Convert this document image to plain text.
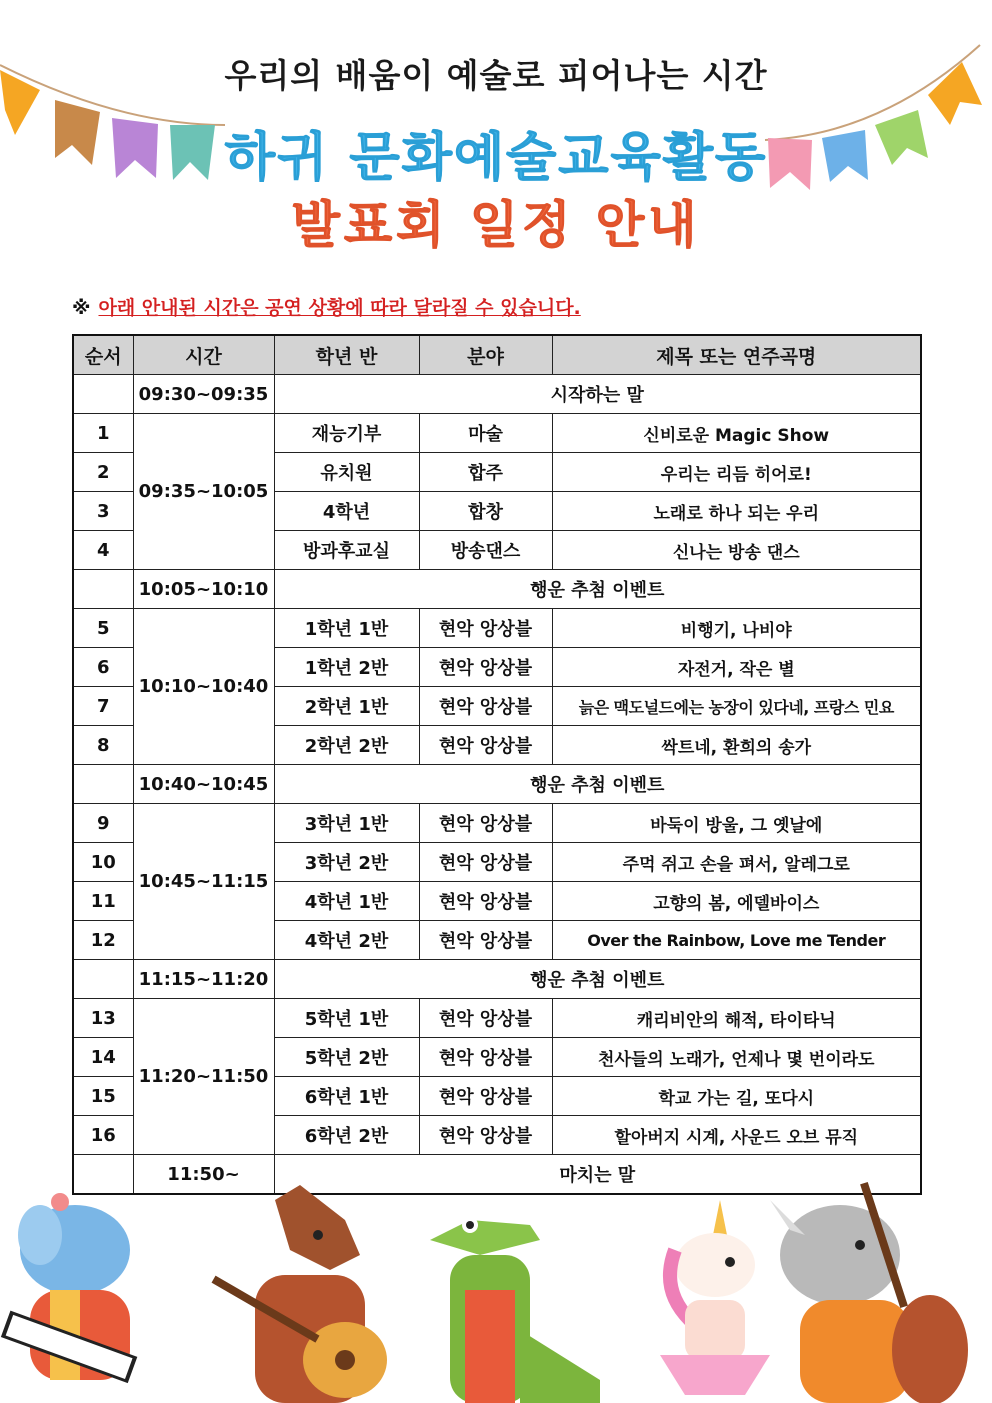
우리의 배움이 예술로 피어나는 시간
하귀 문화예술교육활동
발표회 일정 안내
※ 아래 안내된 시간은 공연 상황에 따라 달라질 수 있습니다.
순서	시간	학년 반	분야	제목 또는 연주곡명
	09:30~09:35	시작하는 말		
1	09:35~10:05	재능기부	마술	신비로운 Magic Show
2		유치원	합주	우리는 리듬 히어로!
3		4학년	합창	노래로 하나 되는 우리
4		방과후교실	방송댄스	신나는 방송 댄스
	10:05~10:10	행운 추첨 이벤트		
5	10:10~10:40	1학년 1반	현악 앙상블	비행기, 나비야
6		1학년 2반	현악 앙상블	자전거, 작은 별
7		2학년 1반	현악 앙상블	늙은 맥도널드에는 농장이 있다네, 프랑스 민요
8		2학년 2반	현악 앙상블	싹트네, 환희의 송가
	10:40~10:45	행운 추첨 이벤트		
9	10:45~11:15	3학년 1반	현악 앙상블	바둑이 방울, 그 옛날에
10		3학년 2반	현악 앙상블	주먹 쥐고 손을 펴서, 알레그로
11		4학년 1반	현악 앙상블	고향의 봄, 에델바이스
12		4학년 2반	현악 앙상블	Over the Rainbow, Love me Tender
	11:15~11:20	행운 추첨 이벤트		
13	11:20~11:50	5학년 1반	현악 앙상블	캐리비안의 해적, 타이타닉
14		5학년 2반	현악 앙상블	천사들의 노래가, 언제나 몇 번이라도
15		6학년 1반	현악 앙상블	학교 가는 길, 또다시
16		6학년 2반	현악 앙상블	할아버지 시계, 사운드 오브 뮤직
	11:50~	마치는 말		
